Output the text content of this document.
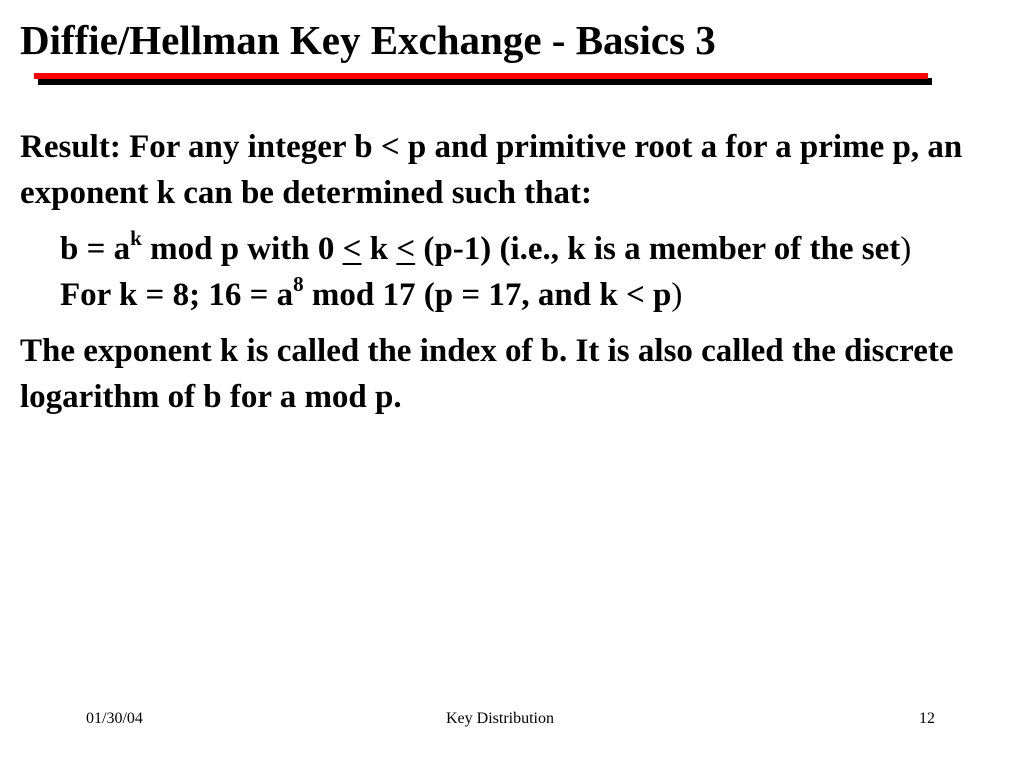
Diffie/Hellman Key Exchange - Basics 3

Result: For any integer b < p and primitive root a for a prime p, an exponent k can be determined such that:

$b = a^k$ mod p with 0 < k < (p-1) (i.e., k is a member of the set)

For k = 8; $16 = a^8$ mod 17 (p = 17, and k < p)

The exponent k is called the index of b. It is also called the discrete logarithm of b for a mod p.

01/30/04	Key Distribution	12
